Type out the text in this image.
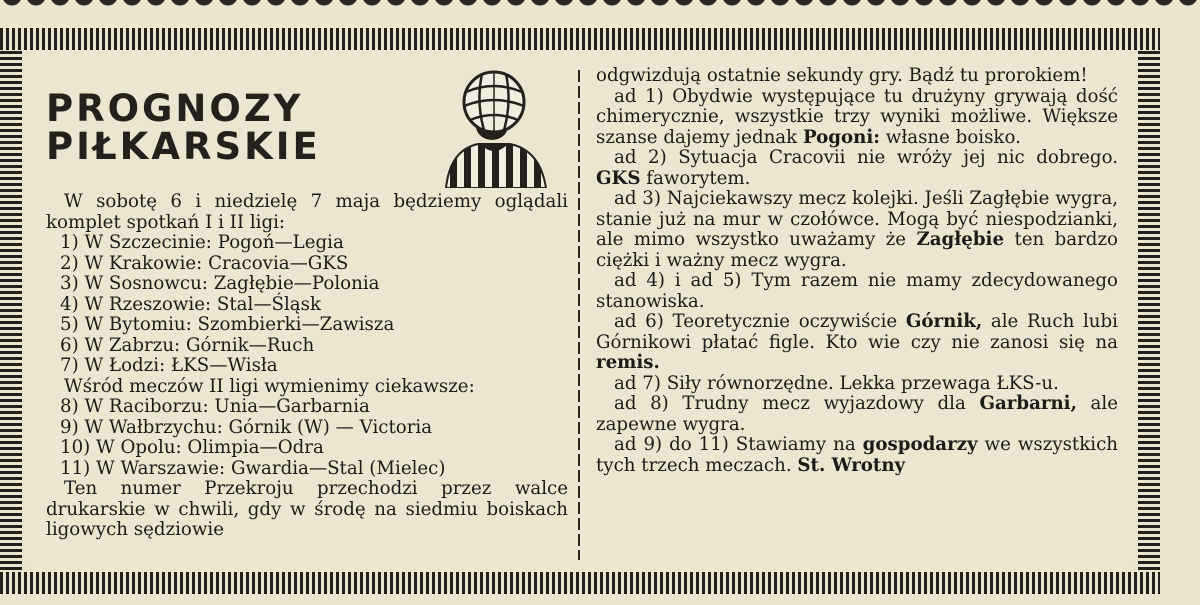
PROGNOZY
PIŁKARSKIE

W sobotę 6 i niedzielę 7 maja będziemy oglądali komplet spotkań I i II ligi:

1) W Szczecinie: Pogoń—Legia
2) W Krakowie: Cracovia—GKS
3) W Sosnowcu: Zagłębie—Polonia
4) W Rzeszowie: Stal—Śląsk
5) W Bytomiu: Szombierki—Zawisza
6) W Zabrzu: Górnik—Ruch
7) W Łodzi: ŁKS—Wisła

Wśród meczów II ligi wymienimy ciekawsze:

8) W Raciborzu: Unia—Garbarnia
9) W Wałbrzychu: Górnik (W) — Victoria
10) W Opolu: Olimpia—Odra
11) W Warszawie: Gwardia—Stal (Mielec)

Ten numer Przekroju przechodzi przez walce drukarskie w chwili, gdy w środę na siedmiu boiskach ligowych sędziowie

odgwizdują ostatnie sekundy gry. Bądź tu prorokiem!

ad 1) Obydwie występujące tu drużyny grywają dość chimerycznie, wszystkie trzy wyniki możliwe. Większe szanse dajemy jednak Pogoni: własne boisko.

ad 2) Sytuacja Cracovii nie wróży jej nic dobrego. GKS faworytem.

ad 3) Najciekawszy mecz kolejki. Jeśli Zagłębie wygra, stanie już na mur w czołówce. Mogą być niespodzianki, ale mimo wszystko uważamy że Zagłębie ten bardzo ciężki i ważny mecz wygra.

ad 4) i ad 5) Tym razem nie mamy zdecydowanego stanowiska.

ad 6) Teoretycznie oczywiście Górnik, ale Ruch lubi Górnikowi płatać figle. Kto wie czy nie zanosi się na remis.

ad 7) Siły równorzędne. Lekka przewaga ŁKS-u.

ad 8) Trudny mecz wyjazdowy dla Garbarni, ale zapewne wygra.

ad 9) do 11) Stawiamy na gospodarzy we wszystkich tych trzech meczach. St. Wrotny
